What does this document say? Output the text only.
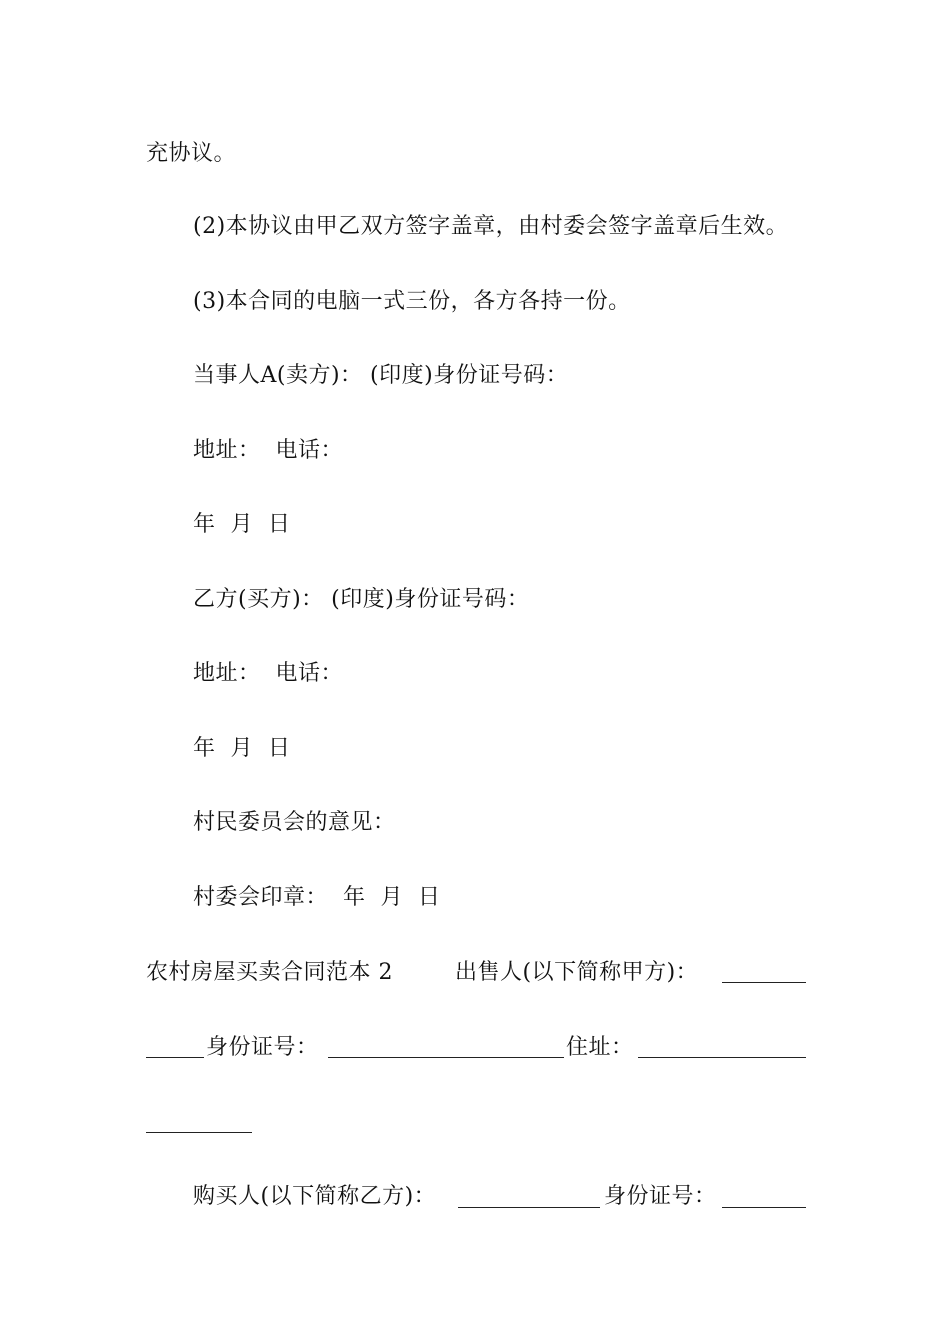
充协议。
(2)本协议由甲乙双方签字盖章，由村委会签字盖章后生效。
(3)本合同的电脑一式三份，各方各持一份。
当事人A(卖方)： (印度)身份证号码：
地址：  电话：
年  月  日
乙方(买方)： (印度)身份证号码：
地址：  电话：
年  月  日
村民委员会的意见：
村委会印章：  年  月  日
农村房屋买卖合同范本 2	出售人(以下简称甲方)：
身份证号：	住址：
购买人(以下简称乙方)：	身份证号：
